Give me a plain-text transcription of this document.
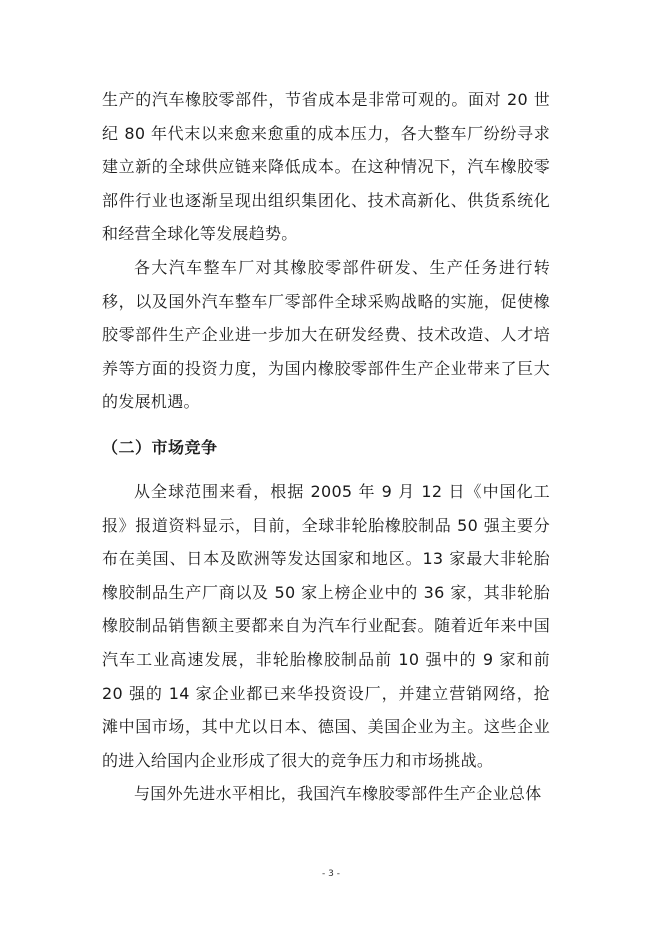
生产的汽车橡胶零部件，节省成本是非常可观的。面对 20 世纪 80 年代末以来愈来愈重的成本压力，各大整车厂纷纷寻求建立新的全球供应链来降低成本。在这种情况下，汽车橡胶零部件行业也逐渐呈现出组织集团化、技术高新化、供货系统化和经营全球化等发展趋势。

各大汽车整车厂对其橡胶零部件研发、生产任务进行转移，以及国外汽车整车厂零部件全球采购战略的实施，促使橡胶零部件生产企业进一步加大在研发经费、技术改造、人才培养等方面的投资力度，为国内橡胶零部件生产企业带来了巨大的发展机遇。

（二）市场竞争

从全球范围来看，根据 2005 年 9 月 12 日《中国化工报》报道资料显示，目前，全球非轮胎橡胶制品 50 强主要分布在美国、日本及欧洲等发达国家和地区。13 家最大非轮胎橡胶制品生产厂商以及 50 家上榜企业中的 36 家，其非轮胎橡胶制品销售额主要都来自为汽车行业配套。随着近年来中国汽车工业高速发展，非轮胎橡胶制品前 10 强中的 9 家和前 20 强的 14 家企业都已来华投资设厂，并建立营销网络，抢滩中国市场，其中尤以日本、德国、美国企业为主。这些企业的进入给国内企业形成了很大的竞争压力和市场挑战。

与国外先进水平相比，我国汽车橡胶零部件生产企业总体

- 3 -
